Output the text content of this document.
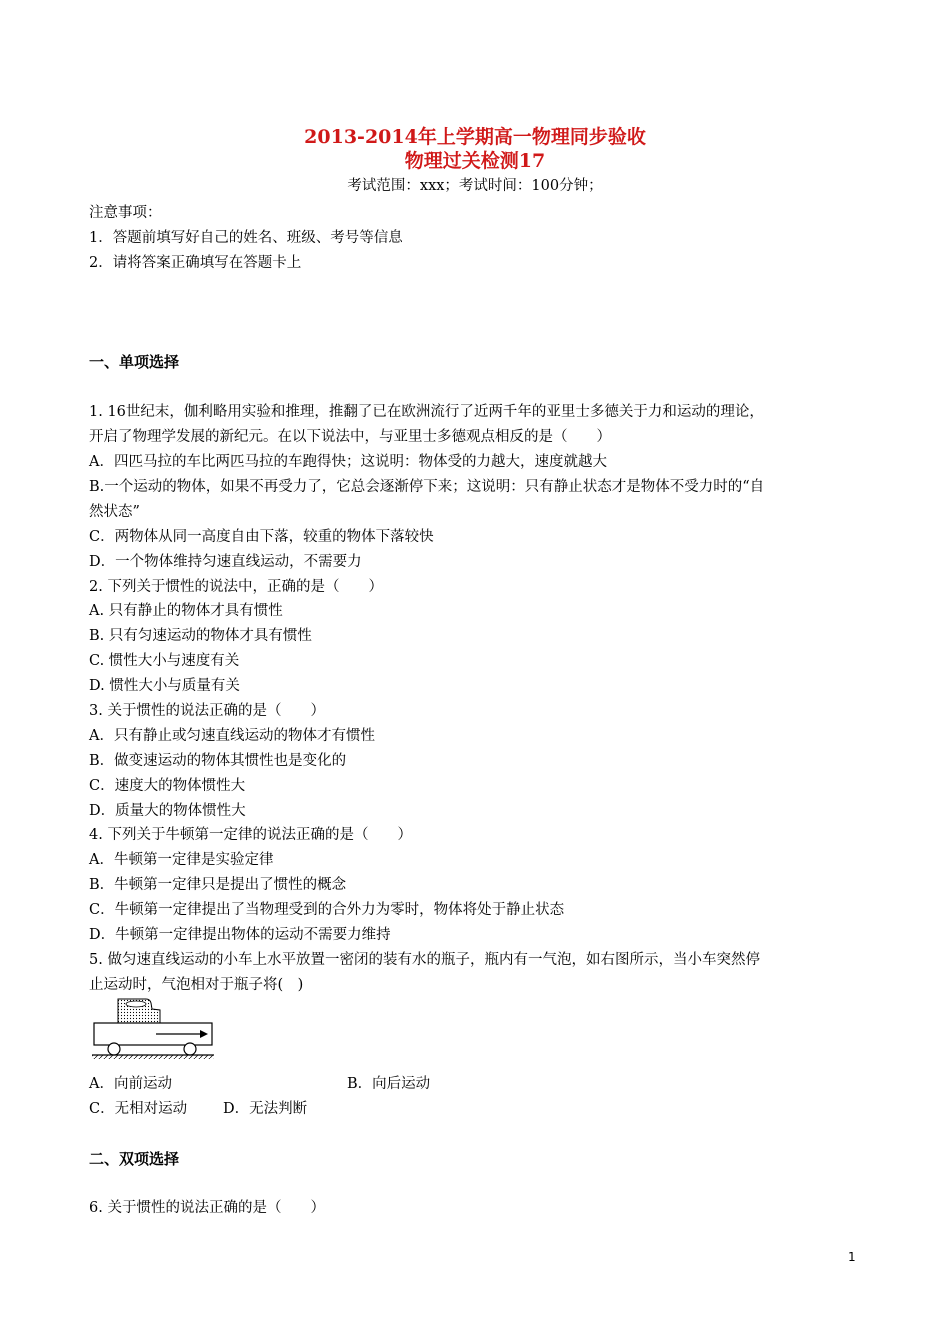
2013-2014年上学期高一物理同步验收
物理过关检测17
考试范围：xxx；考试时间：100分钟；
注意事项：
1．答题前填写好自己的姓名、班级、考号等信息
2．请将答案正确填写在答题卡上
一、单项选择
1. 16世纪末，伽利略用实验和推理，推翻了已在欧洲流行了近两千年的亚里士多德关于力和运动的理论，
开启了物理学发展的新纪元。在以下说法中，与亚里士多德观点相反的是（　　）
A．四匹马拉的车比两匹马拉的车跑得快；这说明：物体受的力越大，速度就越大
B.一个运动的物体，如果不再受力了，它总会逐渐停下来；这说明：只有静止状态才是物体不受力时的“自
然状态”
C．两物体从同一高度自由下落，较重的物体下落较快
D．一个物体维持匀速直线运动，不需要力
2. 下列关于惯性的说法中，正确的是（　　）
A. 只有静止的物体才具有惯性
B. 只有匀速运动的物体才具有惯性
C. 惯性大小与速度有关
D. 惯性大小与质量有关
3. 关于惯性的说法正确的是（　　）
A．只有静止或匀速直线运动的物体才有惯性
B．做变速运动的物体其惯性也是变化的
C．速度大的物体惯性大
D．质量大的物体惯性大
4. 下列关于牛顿第一定律的说法正确的是（　　）
A．牛顿第一定律是实验定律
B．牛顿第一定律只是提出了惯性的概念
C．牛顿第一定律提出了当物理受到的合外力为零时，物体将处于静止状态
D．牛顿第一定律提出物体的运动不需要力维持
5. 做匀速直线运动的小车上水平放置一密闭的装有水的瓶子，瓶内有一气泡，如右图所示，当小车突然停
止运动时，气泡相对于瓶子将(　)
A．向前运动	B．向后运动
C．无相对运动 D．无法判断
二、双项选择
6. 关于惯性的说法正确的是（　　）
1
